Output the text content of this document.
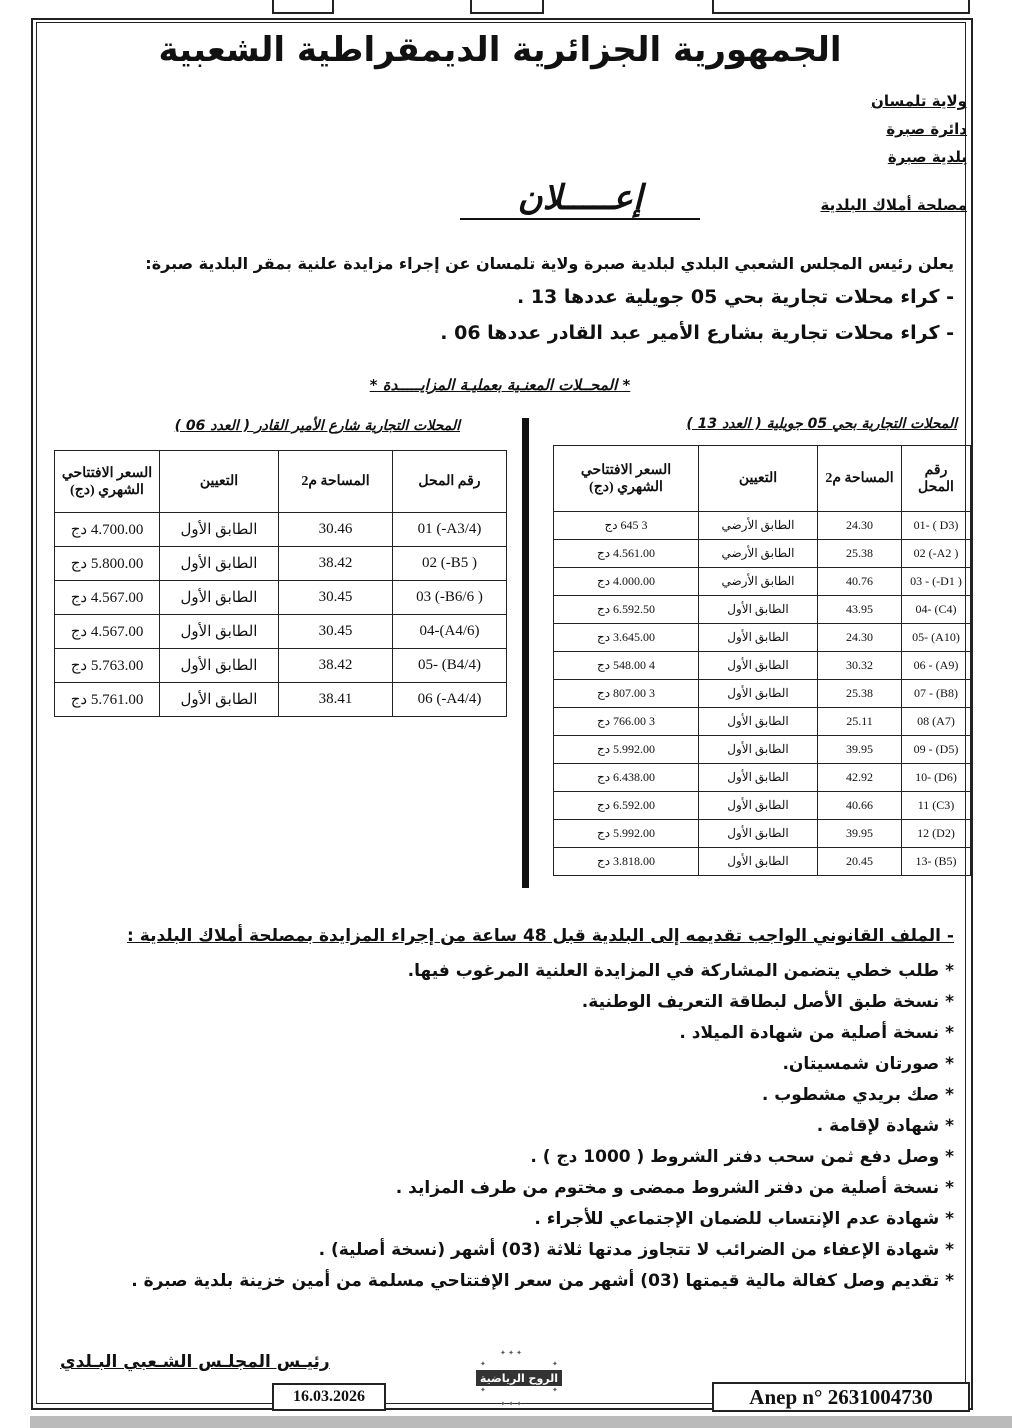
الجمهورية الجزائرية الديمقراطية الشعبية
ولاية تلمسان
دائرة صبرة
بلدية صبرة
مصلحة أملاك البلدية
إعـــــلان
يعلن رئيس المجلس الشعبي البلدي لبلدية صبرة ولاية تلمسان عن إجراء مزايدة علنية بمقر البلدية صبرة:
- كراء محلات تجارية بحي 05 جويلية عددها 13 .
- كراء محلات تجارية بشارع الأمير عبد القادر عددها 06 .
* المحــلات المعنـية بعمليـة المزايـــــدة *
المحلات التجارية بحي 05 جويلية ( العدد 13 )
المحلات التجارية شارع الأمير القادر ( العدد 06 )
رقم المحل	المساحة م2	التعيين	السعر الافتتاحي الشهري (دج)
(D3 ) -01	24.30	الطابق الأرضي	3 645 دج
( A2-) 02	25.38	الطابق الأرضي	4.561.00 دج
( D1-) - 03	40.76	الطابق الأرضي	4.000.00 دج
(C4) -04	43.95	الطابق الأول	6.592.50 دج
(A10) -05	24.30	الطابق الأول	3.645.00 دج
(A9) - 06	30.32	الطابق الأول	4 548.00 دج
(B8) - 07	25.38	الطابق الأول	3 807.00 دج
(A7) 08	25.11	الطابق الأول	3 766.00 دج
(D5) - 09	39.95	الطابق الأول	5.992.00 دج
(D6) -10	42.92	الطابق الأول	6.438.00 دج
(C3) 11	40.66	الطابق الأول	6.592.00 دج
(D2) 12	39.95	الطابق الأول	5.992.00 دج
(B5) -13	20.45	الطابق الأول	3.818.00 دج
رقم المحل	المساحة م2	التعيين	السعر الافتتاحي الشهري (دج)
(A3/4-) 01	30.46	الطابق الأول	4.700.00 دج
( B5-) 02	38.42	الطابق الأول	5.800.00 دج
( B6/6-) 03	30.45	الطابق الأول	4.567.00 دج
(A4/6)-04	30.45	الطابق الأول	4.567.00 دج
(B4/4) -05	38.42	الطابق الأول	5.763.00 دج
(A4/4-) 06	38.41	الطابق الأول	5.761.00 دج
- الملف القانوني الواجب تقديمه إلى البلدية قبل 48 ساعة من إجراء المزايدة بمصلحة أملاك البلدية :
* طلب خطي يتضمن المشاركة في المزايدة العلنية المرغوب فيها.
* نسخة طبق الأصل لبطاقة التعريف الوطنية.
* نسخة أصلية من شهادة الميلاد .
* صورتان شمسيتان.
* صك بريدي مشطوب .
* شهادة لإقامة .
* وصل دفع ثمن سحب دفتر الشروط ( 1000 دج ) .
* نسخة أصلية من دفتر الشروط ممضى و مختوم من طرف المزايد .
* شهادة عدم الإنتساب للضمان الإجتماعي للأجراء .
* شهادة الإعفاء من الضرائب لا تتجاوز مدتها ثلاثة (03) أشهر (نسخة أصلية) .
* تقديم وصل كفالة مالية قيمتها (03) أشهر من سعر الإفتتاحي مسلمة من أمين خزينة بلدية صبرة .
رئيـس المجلـس الشـعبي البـلدي	✦ ✦ ✦
✦	✦
✦	✦
✦ ✦ ✦
الروح الرياضية
16.03.2026	Anep n° 2631004730
